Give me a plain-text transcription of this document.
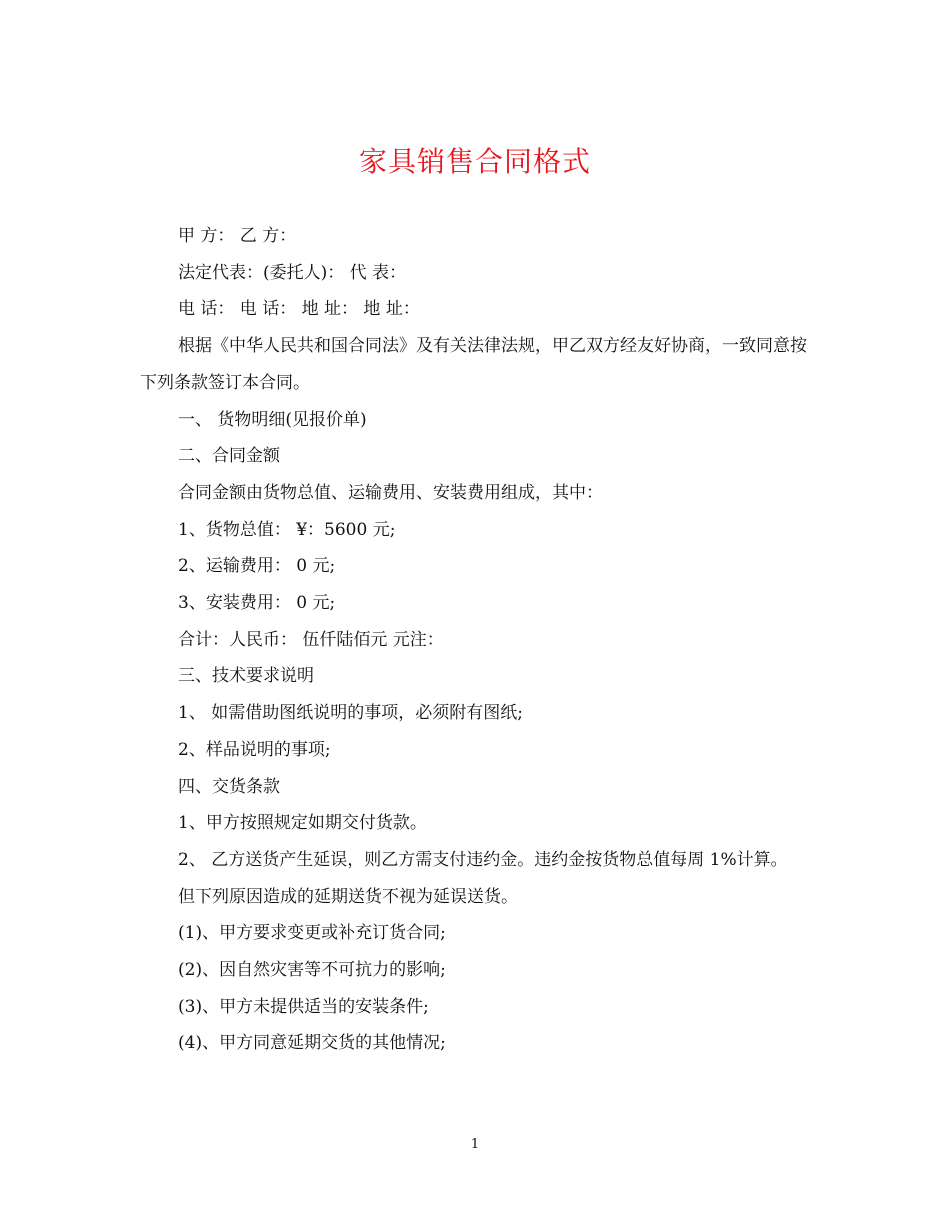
家具销售合同格式

甲 方： 乙 方：

法定代表：(委托人)： 代 表：

电 话： 电 话： 地 址： 地 址：

根据《中华人民共和国合同法》及有关法律法规，甲乙双方经友好协商，一致同意按下列条款签订本合同。

一、 货物明细(见报价单)

二、合同金额

合同金额由货物总值、运输费用、安装费用组成，其中：

1、货物总值： ¥：5600 元;

2、运输费用： 0 元;

3、安装费用： 0 元;

合计：人民币： 伍仟陆佰元 元注：

三、技术要求说明

1、 如需借助图纸说明的事项，必须附有图纸;

2、样品说明的事项;

四、交货条款

1、甲方按照规定如期交付货款。

2、 乙方送货产生延误，则乙方需支付违约金。违约金按货物总值每周 1%计算。

但下列原因造成的延期送货不视为延误送货。

(1)、甲方要求变更或补充订货合同;

(2)、因自然灾害等不可抗力的影响;

(3)、甲方未提供适当的安装条件;

(4)、甲方同意延期交货的其他情况;

1
